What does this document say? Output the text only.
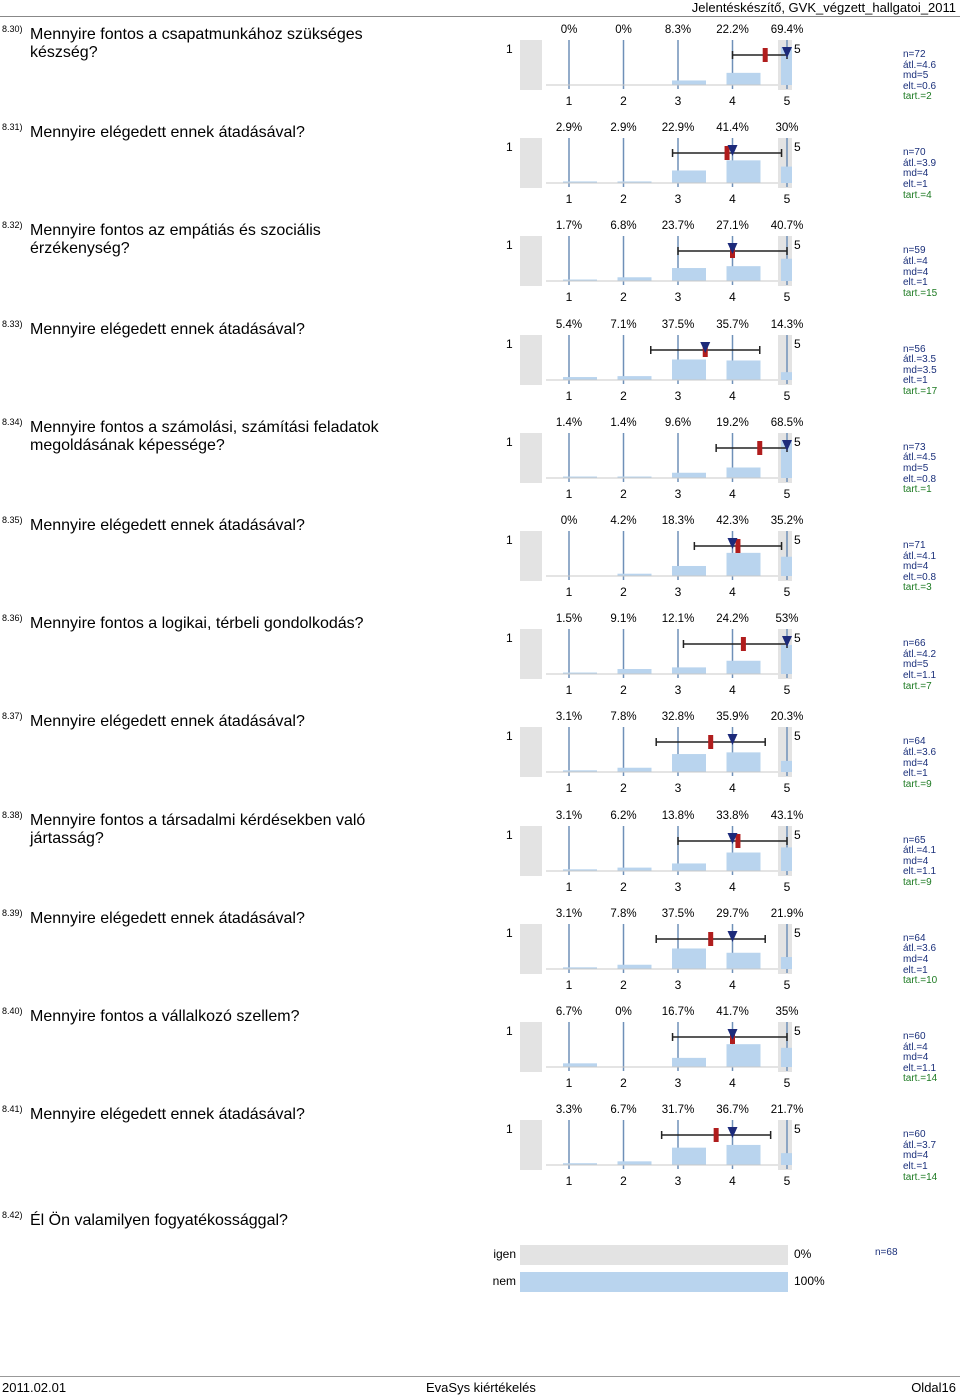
Jelentéskészítő, GVK_végzett_hallgatoi_2011
8.30) Mennyire fontos a csapatmunkához szükséges készség?	1	5
0%	0%	8.3%	22.2%	69.4%
1	2	3	4	5
n=72
átl.=4.6
md=5
elt.=0.6
tart.=2
8.31) Mennyire elégedett ennek átadásával?
1	5
2.9%	2.9%	22.9%	41.4%	30%
1	2	3	4	5
n=70
átl.=3.9
md=4
elt.=1
tart.=4
8.32) Mennyire fontos az empátiás és szociális érzékenység?	1	5
1.7%	6.8%	23.7%	27.1%	40.7%
1	2	3	4	5
n=59
átl.=4
md=4
elt.=1
tart.=15
8.33) Mennyire elégedett ennek átadásával?
1	5
5.4%	7.1%	37.5%	35.7%	14.3%
1	2	3	4	5
n=56
átl.=3.5
md=3.5
elt.=1
tart.=17
8.34) Mennyire fontos a számolási, számítási feladatok megoldásának képessége?	1	5
1.4%	1.4%	9.6%	19.2%	68.5%
1	2	3	4	5
n=73
átl.=4.5
md=5
elt.=0.8
tart.=1
8.35) Mennyire elégedett ennek átadásával?
1	5
0%	4.2%	18.3%	42.3%	35.2%
1	2	3	4	5
n=71
átl.=4.1
md=4
elt.=0.8
tart.=3
8.36) Mennyire fontos a logikai, térbeli gondolkodás?
1	5
1.5%	9.1%	12.1%	24.2%	53%
1	2	3	4	5
n=66
átl.=4.2
md=5
elt.=1.1
tart.=7
8.37) Mennyire elégedett ennek átadásával?
1	5
3.1%	7.8%	32.8%	35.9%	20.3%
1	2	3	4	5
n=64
átl.=3.6
md=4
elt.=1
tart.=9
8.38) Mennyire fontos a társadalmi kérdésekben való jártasság?	1	5
3.1%	6.2%	13.8%	33.8%	43.1%
1	2	3	4	5
n=65
átl.=4.1
md=4
elt.=1.1
tart.=9
8.39) Mennyire elégedett ennek átadásával?
1	5
3.1%	7.8%	37.5%	29.7%	21.9%
1	2	3	4	5
n=64
átl.=3.6
md=4
elt.=1
tart.=10
8.40) Mennyire fontos a vállalkozó szellem?
1	5
6.7%	0%	16.7%	41.7%	35%
1	2	3	4	5
n=60
átl.=4
md=4
elt.=1.1
tart.=14
8.41) Mennyire elégedett ennek átadásával?
1	5
3.3%	6.7%	31.7%	36.7%	21.7%
1	2	3	4	5
n=60
átl.=3.7
md=4
elt.=1
tart.=14
8.42) Él Ön valamilyen fogyatékossággal?
igen	0%	n=68
nem	100%
2011.02.01	EvaSys kiértékelés	Oldal16
